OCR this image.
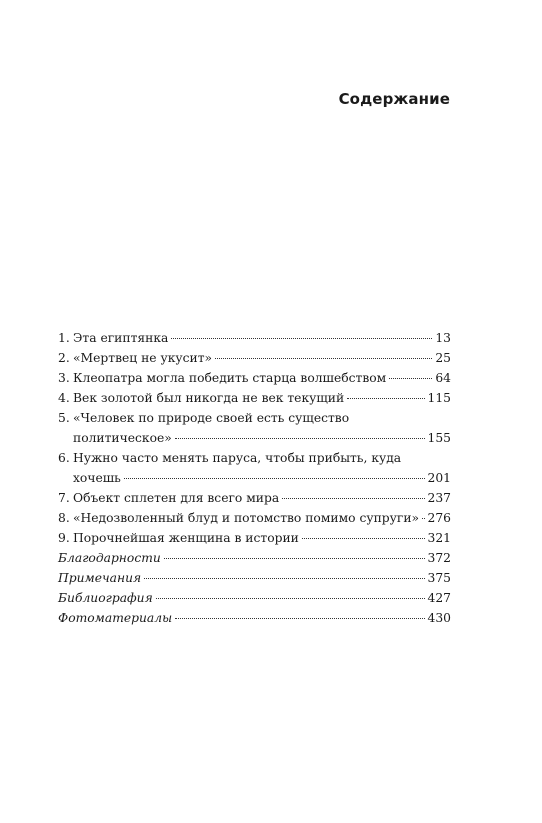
Содержание
1. Эта египтянка	13
2. «Мертвец не укусит»	25
3. Клеопатра могла победить старца волшебством	64
4. Век золотой был никогда не век текущий	115
5. «Человек по природе своей есть существо
политическое»	155
6. Нужно часто менять паруса, чтобы прибыть, куда
хочешь	201
7. Объект сплетен для всего мира	237
8. «Недозволенный блуд и потомство помимо супруги» 276
9. Порочнейшая женщина в истории	321
Благодарности	372
Примечания	375
Библиография	427
Фотоматериалы	430
